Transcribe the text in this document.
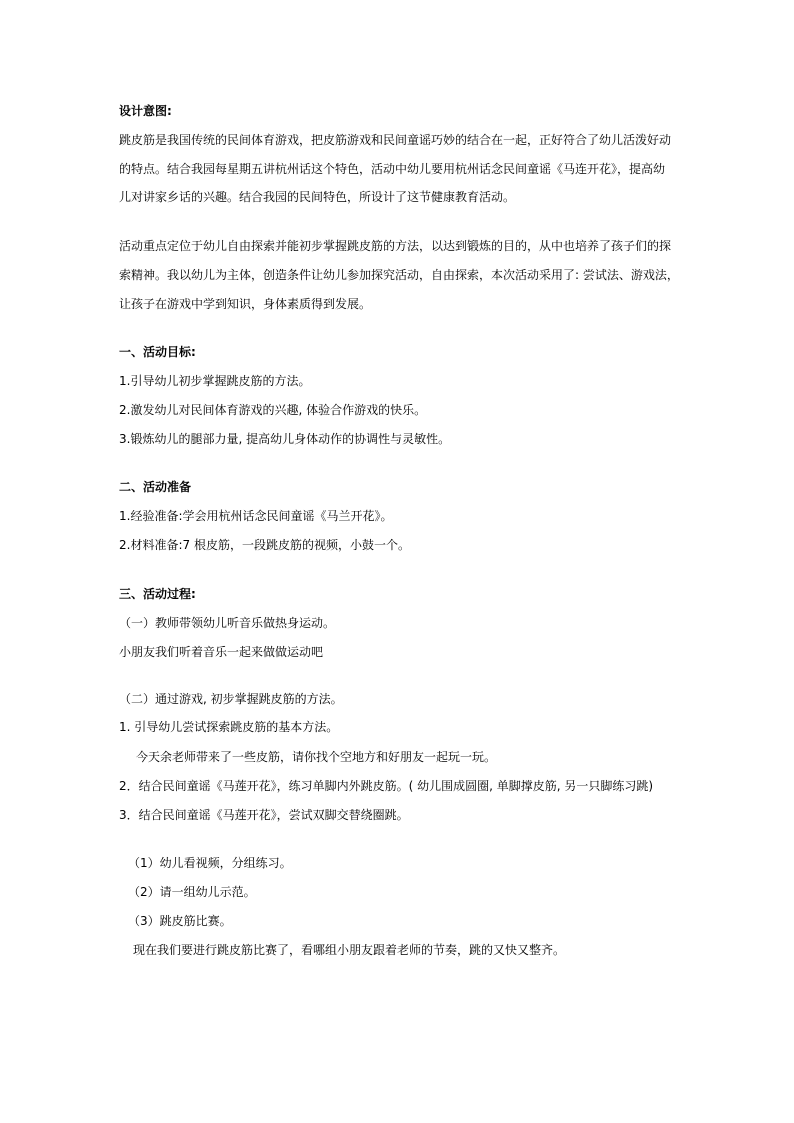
设计意图:

跳皮筋是我国传统的民间体育游戏，把皮筋游戏和民间童谣巧妙的结合在一起，正好符合了幼儿活泼好动

的特点。结合我园每星期五讲杭州话这个特色，活动中幼儿要用杭州话念民间童谣《马连开花》，提高幼

儿对讲家乡话的兴趣。结合我园的民间特色，所设计了这节健康教育活动。

活动重点定位于幼儿自由探索并能初步掌握跳皮筋的方法，以达到锻炼的目的，从中也培养了孩子们的探

索精神。我以幼儿为主体，创造条件让幼儿参加探究活动，自由探索，本次活动采用了: 尝试法、游戏法，

让孩子在游戏中学到知识，身体素质得到发展。

一、活动目标:

1.引导幼儿初步掌握跳皮筋的方法。

2.激发幼儿对民间体育游戏的兴趣, 体验合作游戏的快乐。

3.锻炼幼儿的腿部力量, 提高幼儿身体动作的协调性与灵敏性。

二、活动准备

1.经验准备:学会用杭州话念民间童谣《马兰开花》。

2.材料准备:7 根皮筋，一段跳皮筋的视频，小鼓一个。

三、活动过程:

（一）教师带领幼儿听音乐做热身运动。

小朋友我们听着音乐一起来做做运动吧

（二）通过游戏, 初步掌握跳皮筋的方法。

1. 引导幼儿尝试探索跳皮筋的基本方法。

今天余老师带来了一些皮筋，请你找个空地方和好朋友一起玩一玩。

2．结合民间童谣《马莲开花》，练习单脚内外跳皮筋。( 幼儿围成圆圈, 单脚撑皮筋, 另一只脚练习跳)

3．结合民间童谣《马莲开花》，尝试双脚交替绕圈跳。

（1）幼儿看视频，分组练习。

（2）请一组幼儿示范。

（3）跳皮筋比赛。

现在我们要进行跳皮筋比赛了，看哪组小朋友跟着老师的节奏，跳的又快又整齐。
